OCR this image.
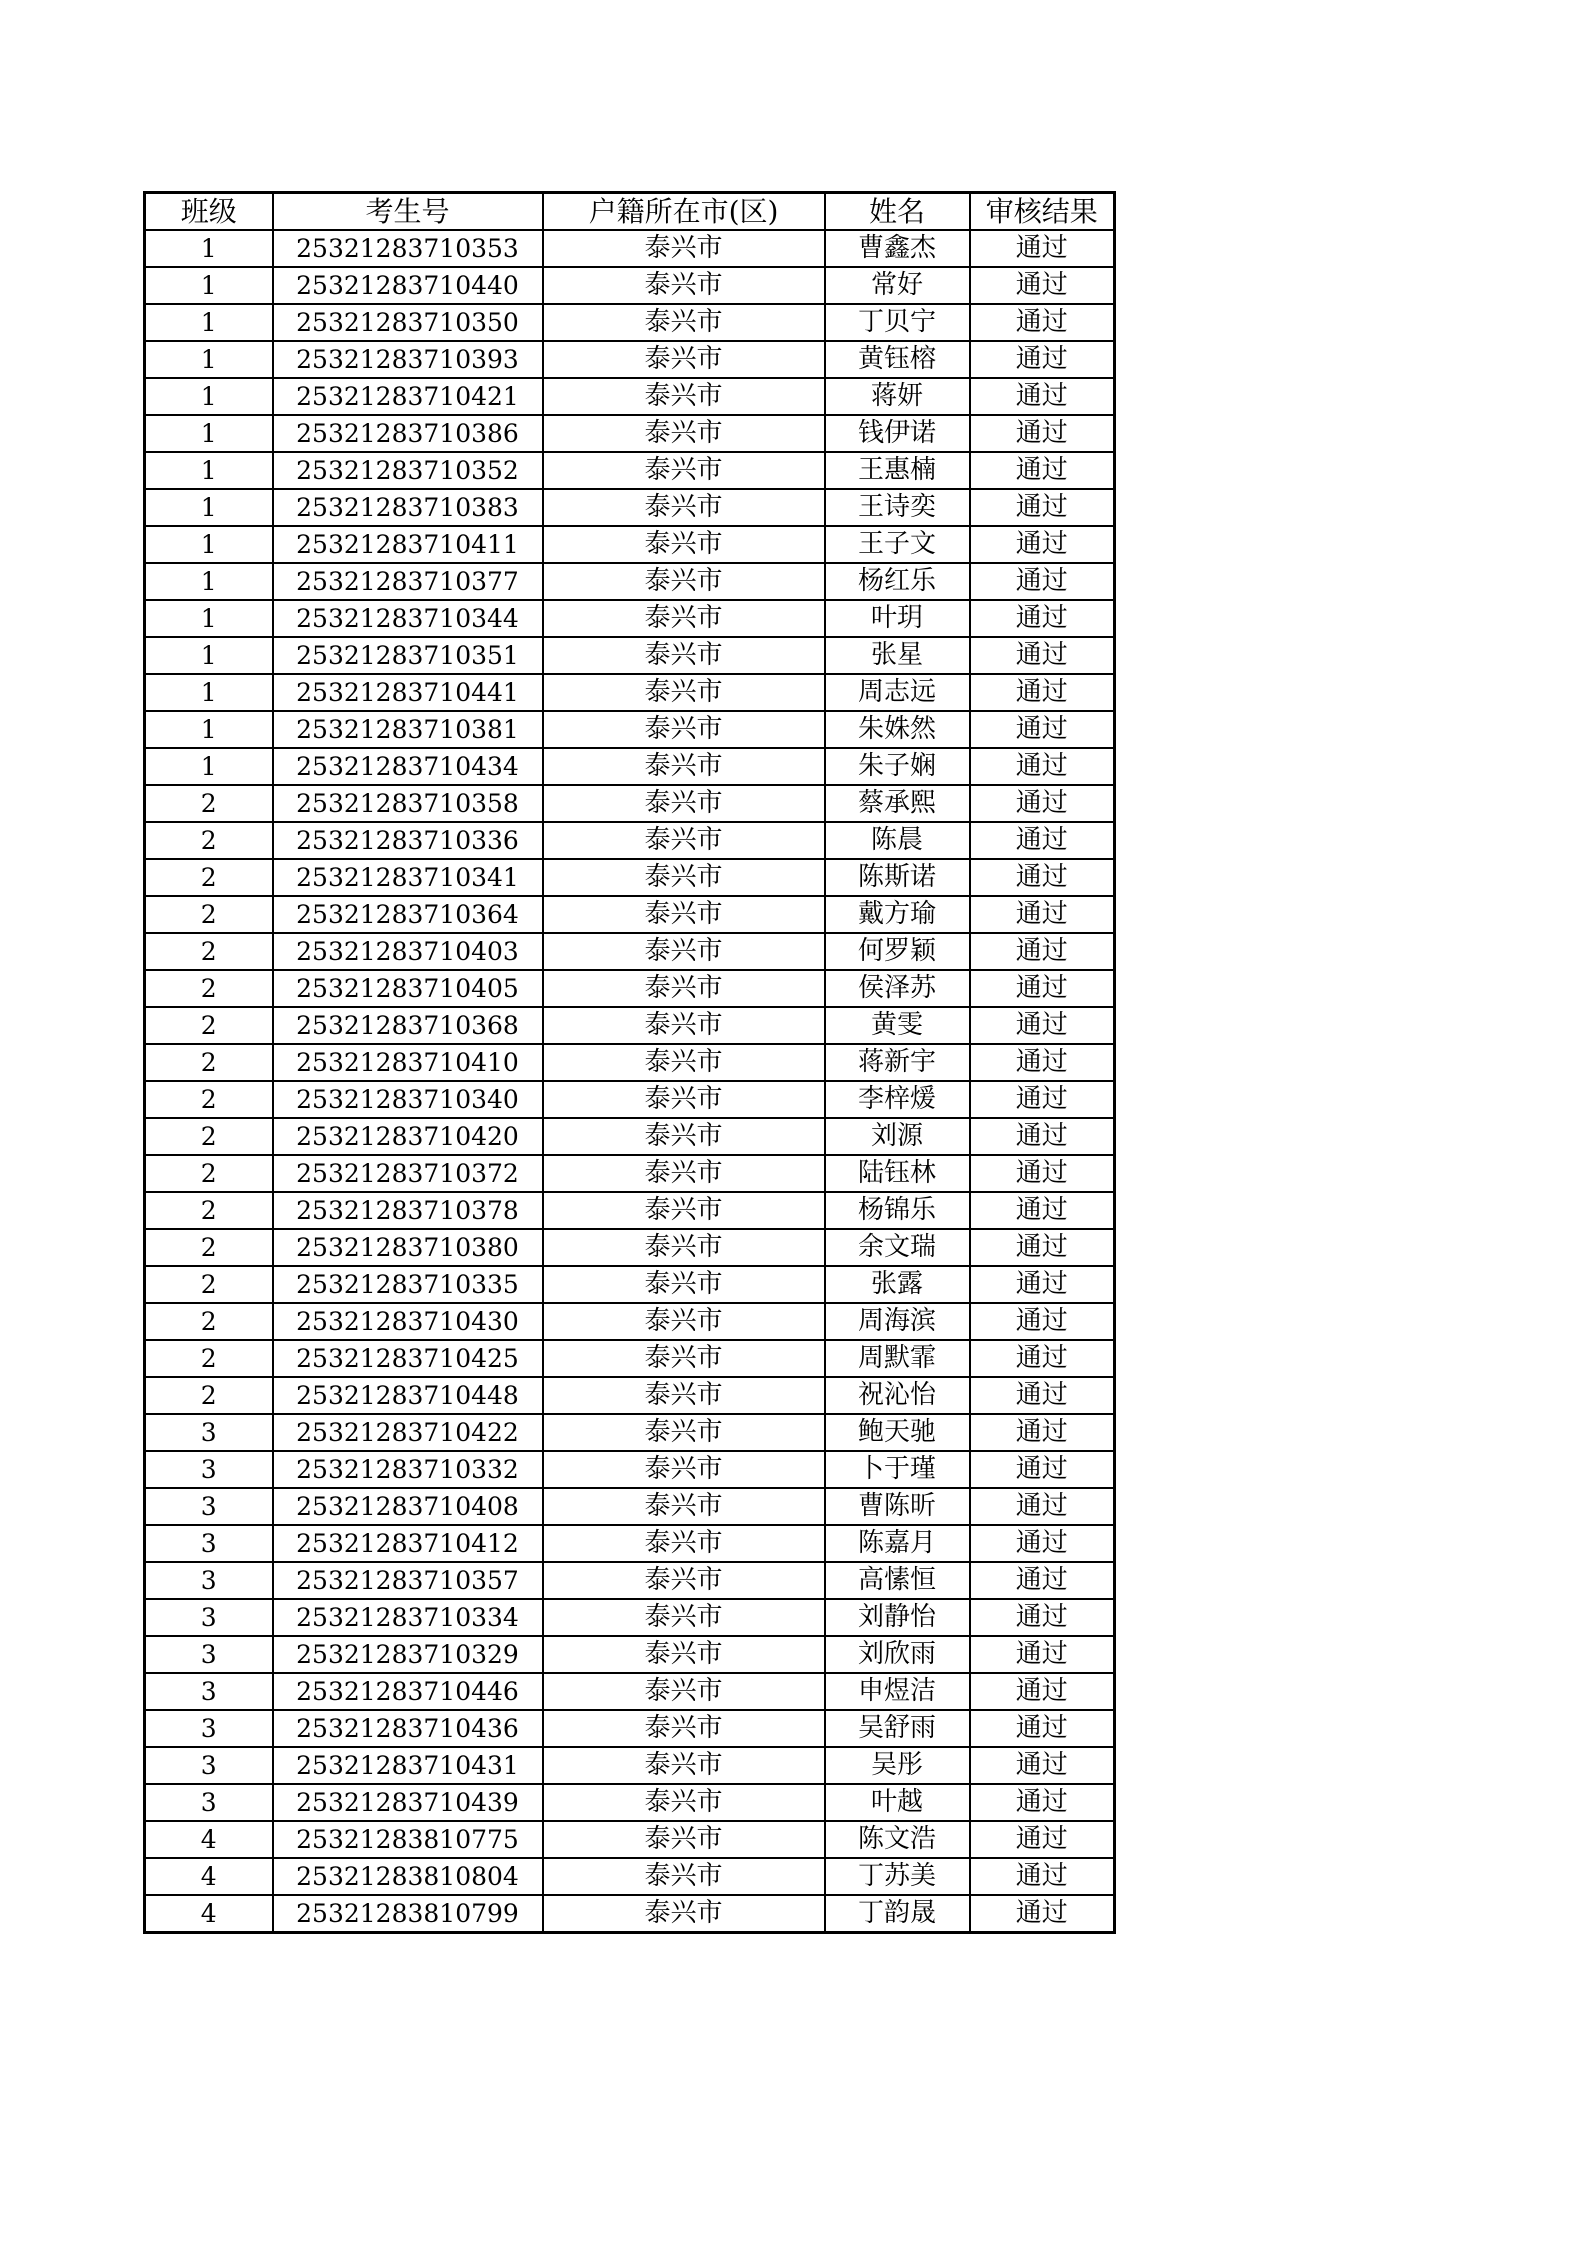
班级	考生号	户籍所在市(区)	姓名	审核结果
1	25321283710353	泰兴市	曹鑫杰	通过
1	25321283710440	泰兴市	常好	通过
1	25321283710350	泰兴市	丁贝宁	通过
1	25321283710393	泰兴市	黄钰榕	通过
1	25321283710421	泰兴市	蒋妍	通过
1	25321283710386	泰兴市	钱伊诺	通过
1	25321283710352	泰兴市	王惠楠	通过
1	25321283710383	泰兴市	王诗奕	通过
1	25321283710411	泰兴市	王子文	通过
1	25321283710377	泰兴市	杨红乐	通过
1	25321283710344	泰兴市	叶玥	通过
1	25321283710351	泰兴市	张星	通过
1	25321283710441	泰兴市	周志远	通过
1	25321283710381	泰兴市	朱姝然	通过
1	25321283710434	泰兴市	朱子娴	通过
2	25321283710358	泰兴市	蔡承熙	通过
2	25321283710336	泰兴市	陈晨	通过
2	25321283710341	泰兴市	陈斯诺	通过
2	25321283710364	泰兴市	戴方瑜	通过
2	25321283710403	泰兴市	何罗颖	通过
2	25321283710405	泰兴市	侯泽苏	通过
2	25321283710368	泰兴市	黄雯	通过
2	25321283710410	泰兴市	蒋新宇	通过
2	25321283710340	泰兴市	李梓煖	通过
2	25321283710420	泰兴市	刘源	通过
2	25321283710372	泰兴市	陆钰林	通过
2	25321283710378	泰兴市	杨锦乐	通过
2	25321283710380	泰兴市	余文瑞	通过
2	25321283710335	泰兴市	张露	通过
2	25321283710430	泰兴市	周海滨	通过
2	25321283710425	泰兴市	周默霏	通过
2	25321283710448	泰兴市	祝沁怡	通过
3	25321283710422	泰兴市	鲍天驰	通过
3	25321283710332	泰兴市	卜于瑾	通过
3	25321283710408	泰兴市	曹陈昕	通过
3	25321283710412	泰兴市	陈嘉月	通过
3	25321283710357	泰兴市	高愫恒	通过
3	25321283710334	泰兴市	刘静怡	通过
3	25321283710329	泰兴市	刘欣雨	通过
3	25321283710446	泰兴市	申煜洁	通过
3	25321283710436	泰兴市	吴舒雨	通过
3	25321283710431	泰兴市	吴彤	通过
3	25321283710439	泰兴市	叶越	通过
4	25321283810775	泰兴市	陈文浩	通过
4	25321283810804	泰兴市	丁苏美	通过
4	25321283810799	泰兴市	丁韵晟	通过
